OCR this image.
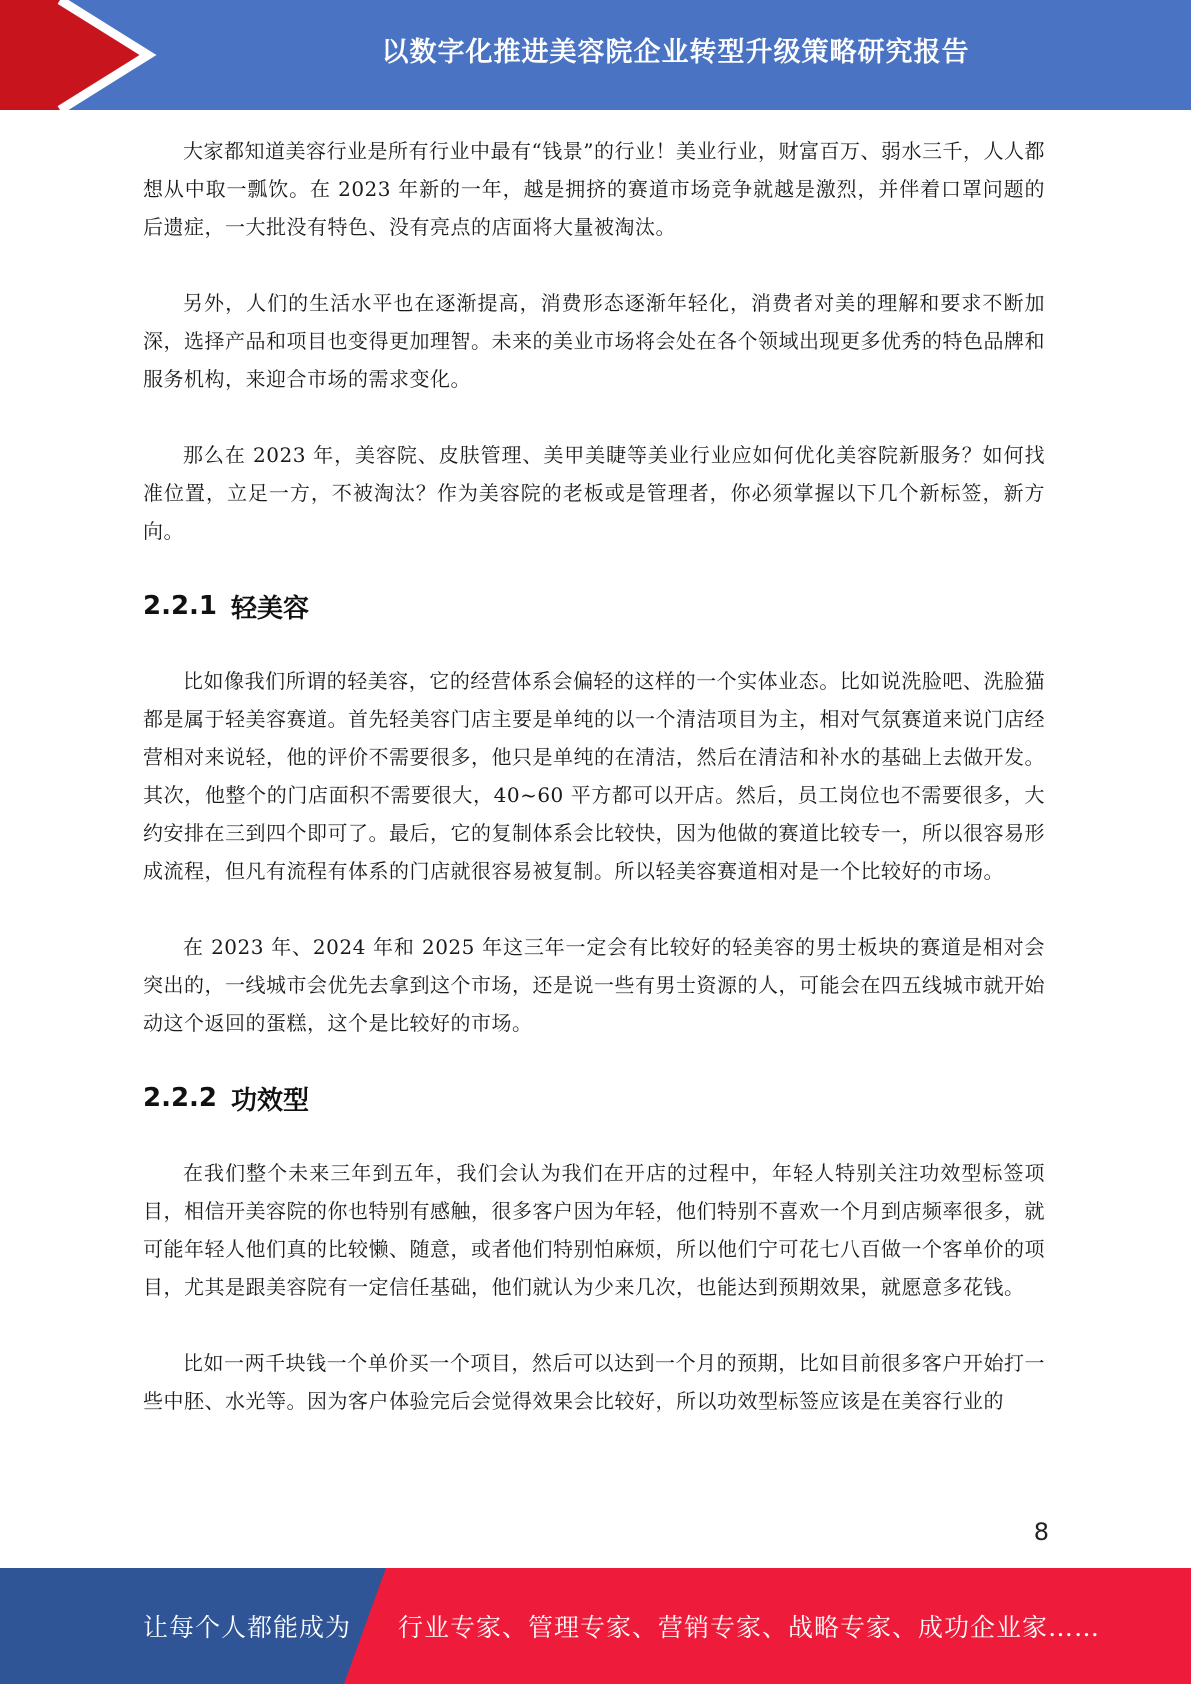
以数字化推进美容院企业转型升级策略研究报告

大家都知道美容行业是所有行业中最有“钱景”的行业！美业行业，财富百万、弱水三千，人人都想从中取一瓢饮。在 2023 年新的一年，越是拥挤的赛道市场竞争就越是激烈，并伴着口罩问题的后遗症，一大批没有特色、没有亮点的店面将大量被淘汰。

另外，人们的生活水平也在逐渐提高，消费形态逐渐年轻化，消费者对美的理解和要求不断加深，选择产品和项目也变得更加理智。未来的美业市场将会处在各个领域出现更多优秀的特色品牌和服务机构，来迎合市场的需求变化。

那么在 2023 年，美容院、皮肤管理、美甲美睫等美业行业应如何优化美容院新服务？如何找准位置，立足一方，不被淘汰？作为美容院的老板或是管理者，你必须掌握以下几个新标签，新方向。

2.2.1 轻美容

比如像我们所谓的轻美容，它的经营体系会偏轻的这样的一个实体业态。比如说洗脸吧、洗脸猫都是属于轻美容赛道。首先轻美容门店主要是单纯的以一个清洁项目为主，相对气氛赛道来说门店经营相对来说轻，他的评价不需要很多，他只是单纯的在清洁，然后在清洁和补水的基础上去做开发。其次，他整个的门店面积不需要很大，40~60 平方都可以开店。然后，员工岗位也不需要很多，大约安排在三到四个即可了。最后，它的复制体系会比较快，因为他做的赛道比较专一，所以很容易形成流程，但凡有流程有体系的门店就很容易被复制。所以轻美容赛道相对是一个比较好的市场。

在 2023 年、2024 年和 2025 年这三年一定会有比较好的轻美容的男士板块的赛道是相对会突出的，一线城市会优先去拿到这个市场，还是说一些有男士资源的人，可能会在四五线城市就开始动这个返回的蛋糕，这个是比较好的市场。

2.2.2 功效型

在我们整个未来三年到五年，我们会认为我们在开店的过程中，年轻人特别关注功效型标签项目，相信开美容院的你也特别有感触，很多客户因为年轻，他们特别不喜欢一个月到店频率很多，就可能年轻人他们真的比较懒、随意，或者他们特别怕麻烦，所以他们宁可花七八百做一个客单价的项目，尤其是跟美容院有一定信任基础，他们就认为少来几次，也能达到预期效果，就愿意多花钱。

比如一两千块钱一个单价买一个项目，然后可以达到一个月的预期，比如目前很多客户开始打一些中胚、水光等。因为客户体验完后会觉得效果会比较好，所以功效型标签应该是在美容行业的

8
让每个人都能成为 行业专家、管理专家、营销专家、战略专家、成功企业家……
